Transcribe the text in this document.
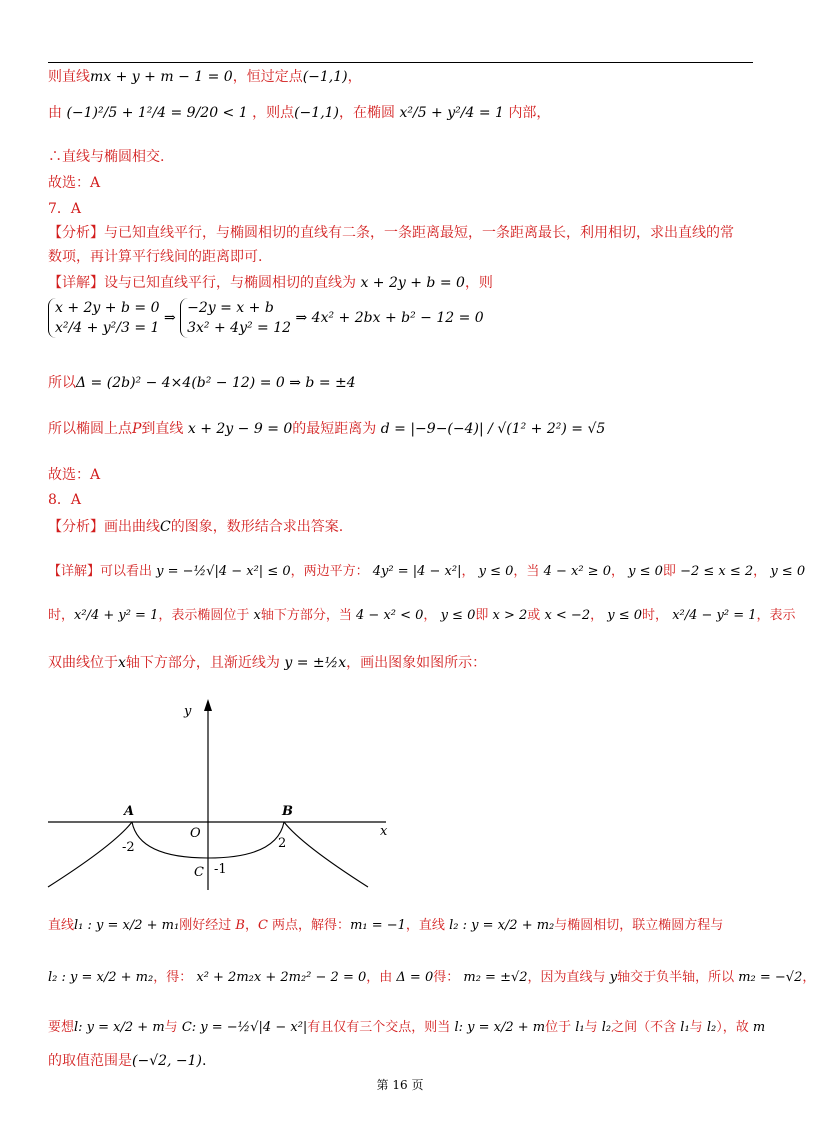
则直线mx + y + m − 1 = 0，恒过定点(−1,1)，
由 (−1)²/5 + 1²/4 = 9/20 < 1 ，则点(−1,1)，在椭圆 x²/5 + y²/4 = 1 内部，
∴直线与椭圆相交.
故选：A
7．A
【分析】与已知直线平行，与椭圆相切的直线有二条，一条距离最短，一条距离最长，利用相切，求出直线的常
数项，再计算平行线间的距离即可.
【详解】设与已知直线平行，与椭圆相切的直线为 x + 2y + b = 0，则
x + 2y + b = 0
x²/4 + y²/3 = 1
⇒
−2y = x + b
3x² + 4y² = 12
⇒ 4x² + 2bx + b² − 12 = 0
所以Δ = (2b)² − 4×4(b² − 12) = 0 ⇒ b = ±4
所以椭圆上点P到直线 x + 2y − 9 = 0的最短距离为 d = |−9−(−4)| / √(1² + 2²) = √5
故选：A
8．A
【分析】画出曲线C的图象，数形结合求出答案.
【详解】可以看出 y = −½√|4 − x²| ≤ 0，两边平方： 4y² = |4 − x²|， y ≤ 0，当 4 − x² ≥ 0， y ≤ 0即 −2 ≤ x ≤ 2， y ≤ 0
时，x²/4 + y² = 1，表示椭圆位于 x轴下方部分，当 4 − x² < 0， y ≤ 0即 x > 2或 x < −2， y ≤ 0时， x²/4 − y² = 1，表示
双曲线位于x轴下方部分，且渐近线为 y = ±½x，画出图象如图所示：
y
x
O
A	B
C
-2	2
-1
直线l₁ : y = x/2 + m₁刚好经过 B，C 两点，解得：m₁ = −1，直线 l₂ : y = x/2 + m₂与椭圆相切，联立椭圆方程与
l₂ : y = x/2 + m₂，得： x² + 2m₂x + 2m₂² − 2 = 0，由 Δ = 0得： m₂ = ±√2，因为直线与 y轴交于负半轴，所以 m₂ = −√2，
要想l: y = x/2 + m与 C: y = −½√|4 − x²|有且仅有三个交点，则当 l: y = x/2 + m位于 l₁与 l₂之间（不含 l₁与 l₂），故 m
的取值范围是(−√2, −1).
第 16 页
